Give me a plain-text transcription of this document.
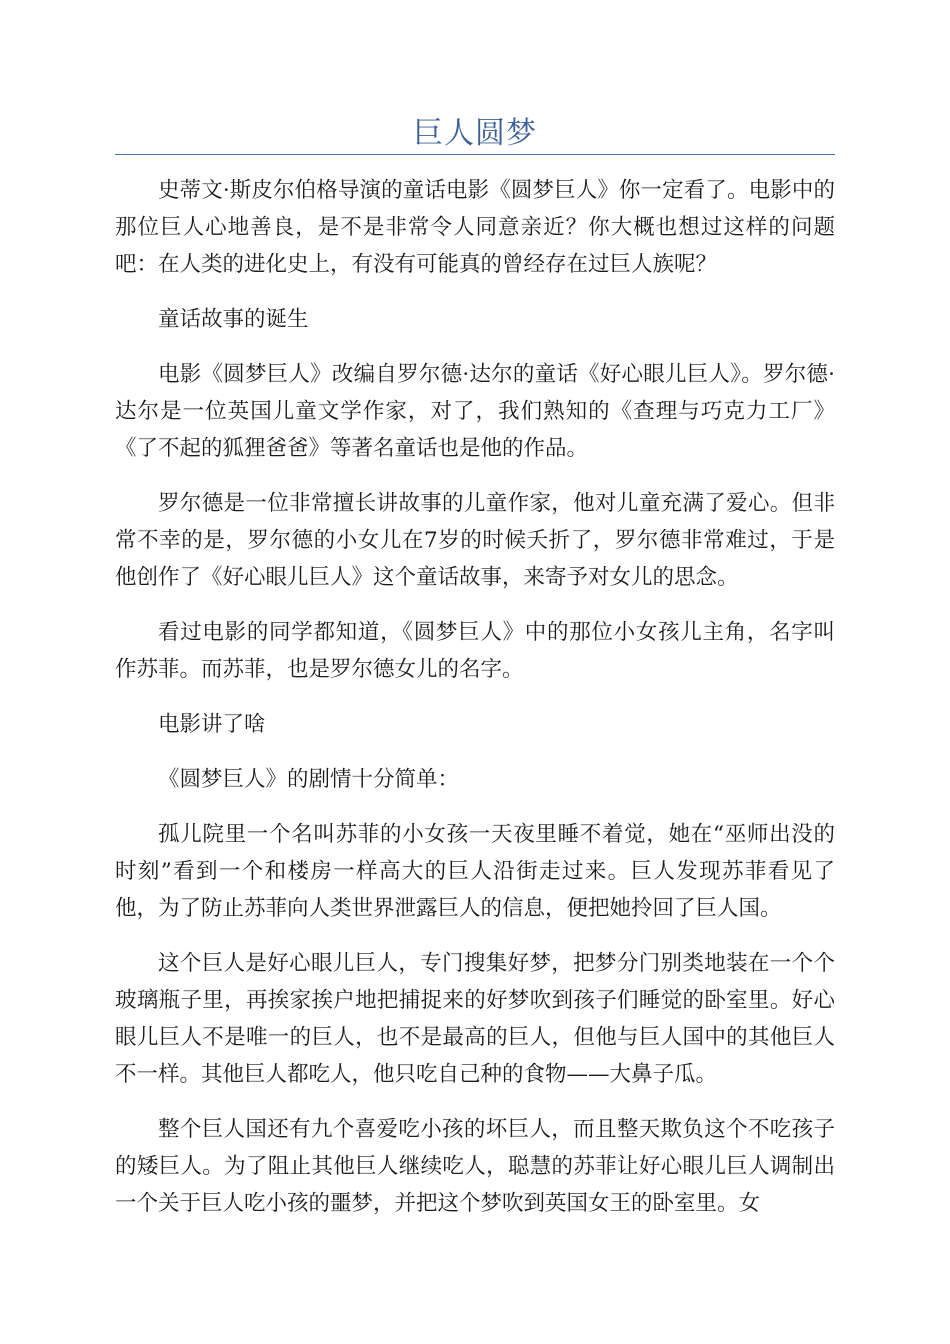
巨人圆梦

史蒂文·斯皮尔伯格导演的童话电影《圆梦巨人》你一定看了。电影中的那位巨人心地善良，是不是非常令人同意亲近？你大概也想过这样的问题吧：在人类的进化史上，有没有可能真的曾经存在过巨人族呢？

童话故事的诞生

电影《圆梦巨人》改编自罗尔德·达尔的童话《好心眼儿巨人》。罗尔德·达尔是一位英国儿童文学作家，对了，我们熟知的《查理与巧克力工厂》《了不起的狐狸爸爸》等著名童话也是他的作品。

罗尔德是一位非常擅长讲故事的儿童作家，他对儿童充满了爱心。但非常不幸的是，罗尔德的小女儿在7岁的时候夭折了，罗尔德非常难过，于是他创作了《好心眼儿巨人》这个童话故事，来寄予对女儿的思念。

看过电影的同学都知道，《圆梦巨人》中的那位小女孩儿主角，名字叫作苏菲。而苏菲，也是罗尔德女儿的名字。

电影讲了啥

《圆梦巨人》的剧情十分简单：

孤儿院里一个名叫苏菲的小女孩一天夜里睡不着觉，她在“巫师出没的时刻”看到一个和楼房一样高大的巨人沿街走过来。巨人发现苏菲看见了他，为了防止苏菲向人类世界泄露巨人的信息，便把她拎回了巨人国。

这个巨人是好心眼儿巨人，专门搜集好梦，把梦分门别类地装在一个个玻璃瓶子里，再挨家挨户地把捕捉来的好梦吹到孩子们睡觉的卧室里。好心眼儿巨人不是唯一的巨人，也不是最高的巨人，但他与巨人国中的其他巨人不一样。其他巨人都吃人，他只吃自己种的食物——大鼻子瓜。

整个巨人国还有九个喜爱吃小孩的坏巨人，而且整天欺负这个不吃孩子的矮巨人。为了阻止其他巨人继续吃人，聪慧的苏菲让好心眼儿巨人调制出一个关于巨人吃小孩的噩梦，并把这个梦吹到英国女王的卧室里。女
